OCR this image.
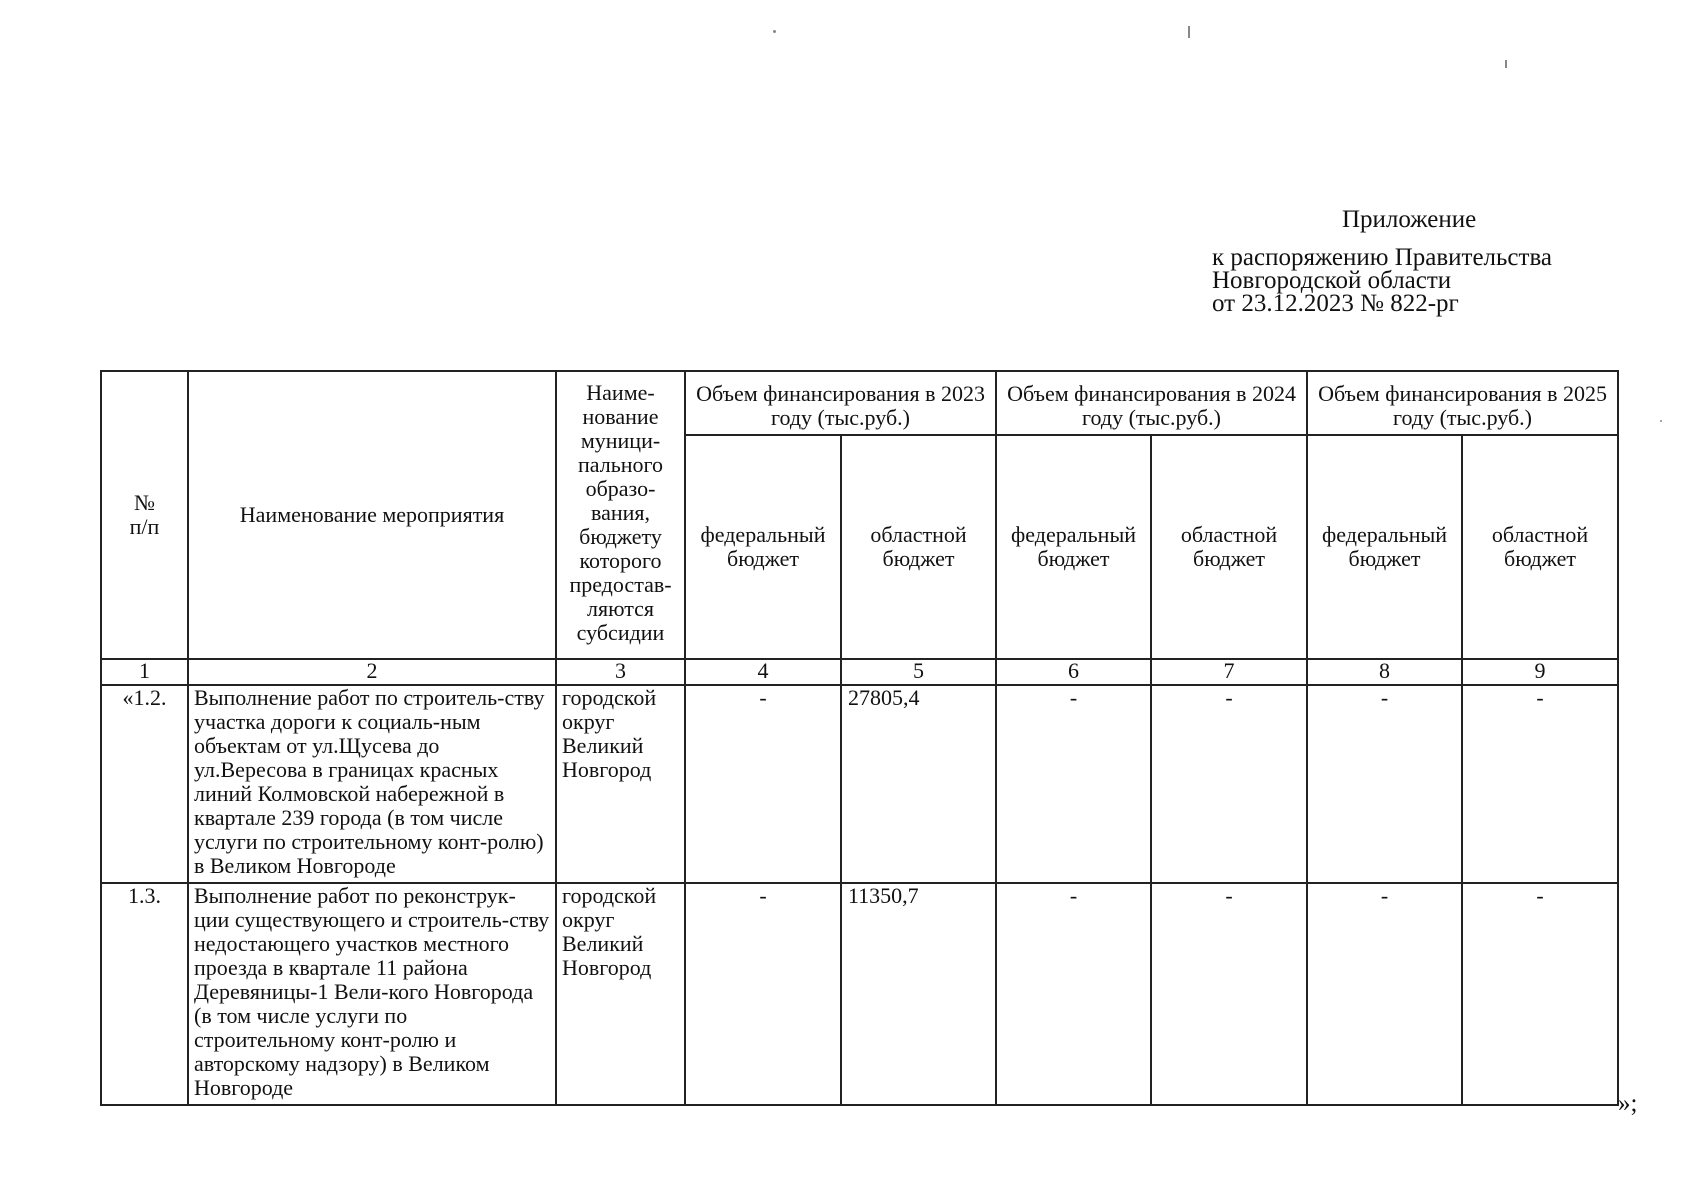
Приложение
к распоряжению Правительства
Новгородской области
от 23.12.2023 № 822-рг
№ п/п	Наименование мероприятия	Наиме-нование муници-пального образо-вания, бюджету которого предостав-ляются субсидии	Объем финансирования в 2023 году (тыс.руб.)		Объем финансирования в 2024 году (тыс.руб.)		Объем финансирования в 2025 году (тыс.руб.)	
			федеральный бюджет	областной бюджет	федеральный бюджет	областной бюджет	федеральный бюджет	областной бюджет
1	2	3	4	5	6	7	8	9
«1.2.	Выполнение работ по строитель-ству участка дороги к социаль-ным объектам от ул.Щусева до ул.Вересова в границах красных линий Колмовской набережной в квартале 239 города (в том числе услуги по строительному конт-ролю) в Великом Новгороде	городской округ Великий Новгород	-	27805,4	-	-	-	-
1.3.	Выполнение работ по реконструк-ции существующего и строитель-ству недостающего участков местного проезда в квартале 11 района Деревяницы-1 Вели-кого Новгорода (в том числе услуги по строительному конт-ролю и авторскому надзору) в Великом Новгороде	городской округ Великий Новгород	-	11350,7	-	-	-	-
»;
